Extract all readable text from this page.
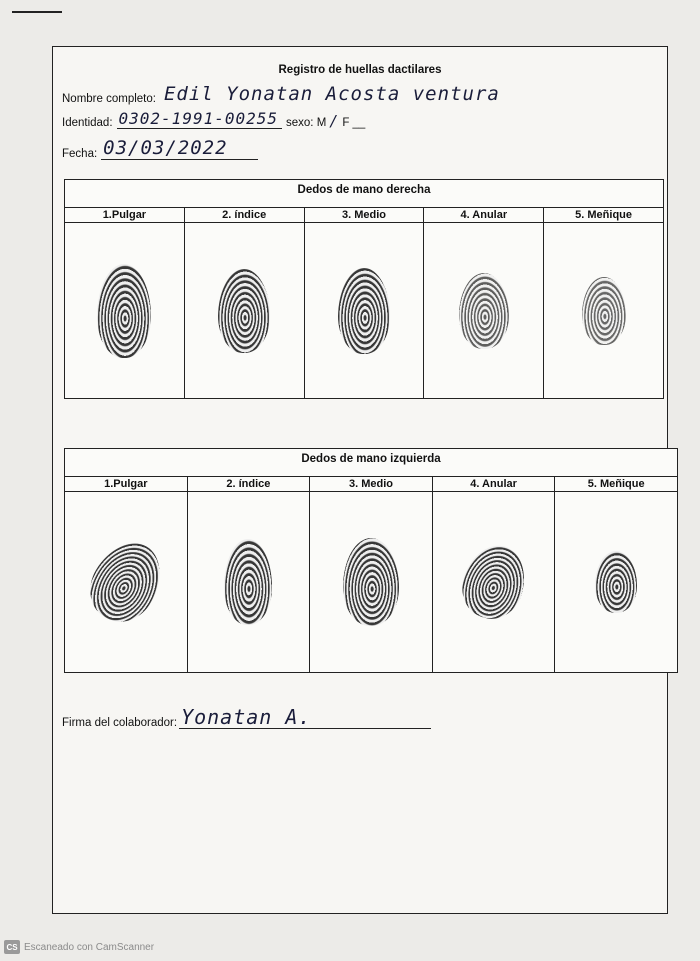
Registro de huellas dactilares
Nombre completo: Edil Yonatan Acosta ventura
Identidad: 0302-1991-00255 sexo: M / F __
Fecha: 03/03/2022
Dedos de mano derecha
1.Pulgar	2. índice	3. Medio	4. Anular	5. Meñique
Dedos de mano izquierda
1.Pulgar	2. índice	3. Medio	4. Anular	5. Meñique
Firma del colaborador: Yonatan A.
CS Escaneado con CamScanner
